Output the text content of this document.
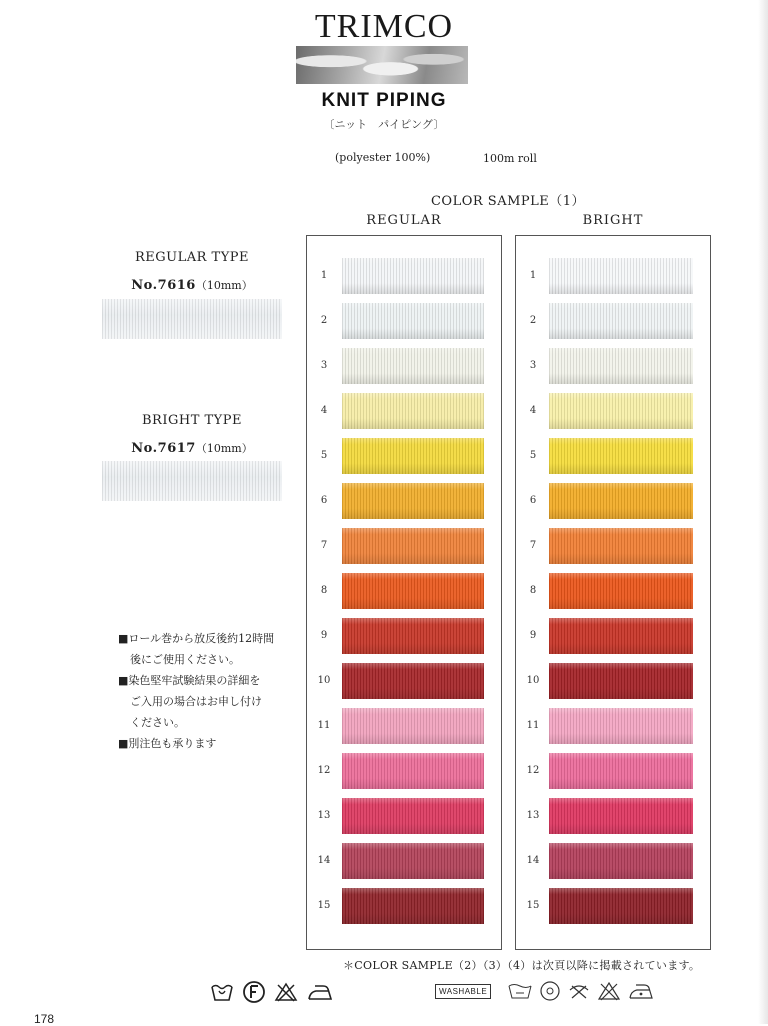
TRIMCO
KNIT PIPING
〔ニット　パイピング〕
(polyester 100%)	100m roll
COLOR SAMPLE（1）
REGULAR	BRIGHT
1
2
3
4
5
6
7
8
9
10
11
12
13
14
15
1
2
3
4
5
6
7
8
9
10
11
12
13
14
15
REGULAR TYPE
No.7616（10mm）
BRIGHT TYPE
No.7617（10mm）

■ロール巻から放反後約12時間

後にご使用ください。

■染色堅牢試験結果の詳細を

ご入用の場合はお申し付け

ください。

■別注色も承ります

＊COLOR SAMPLE（2）（3）（4）は次頁以降に掲載されています。
WASHABLE
178
